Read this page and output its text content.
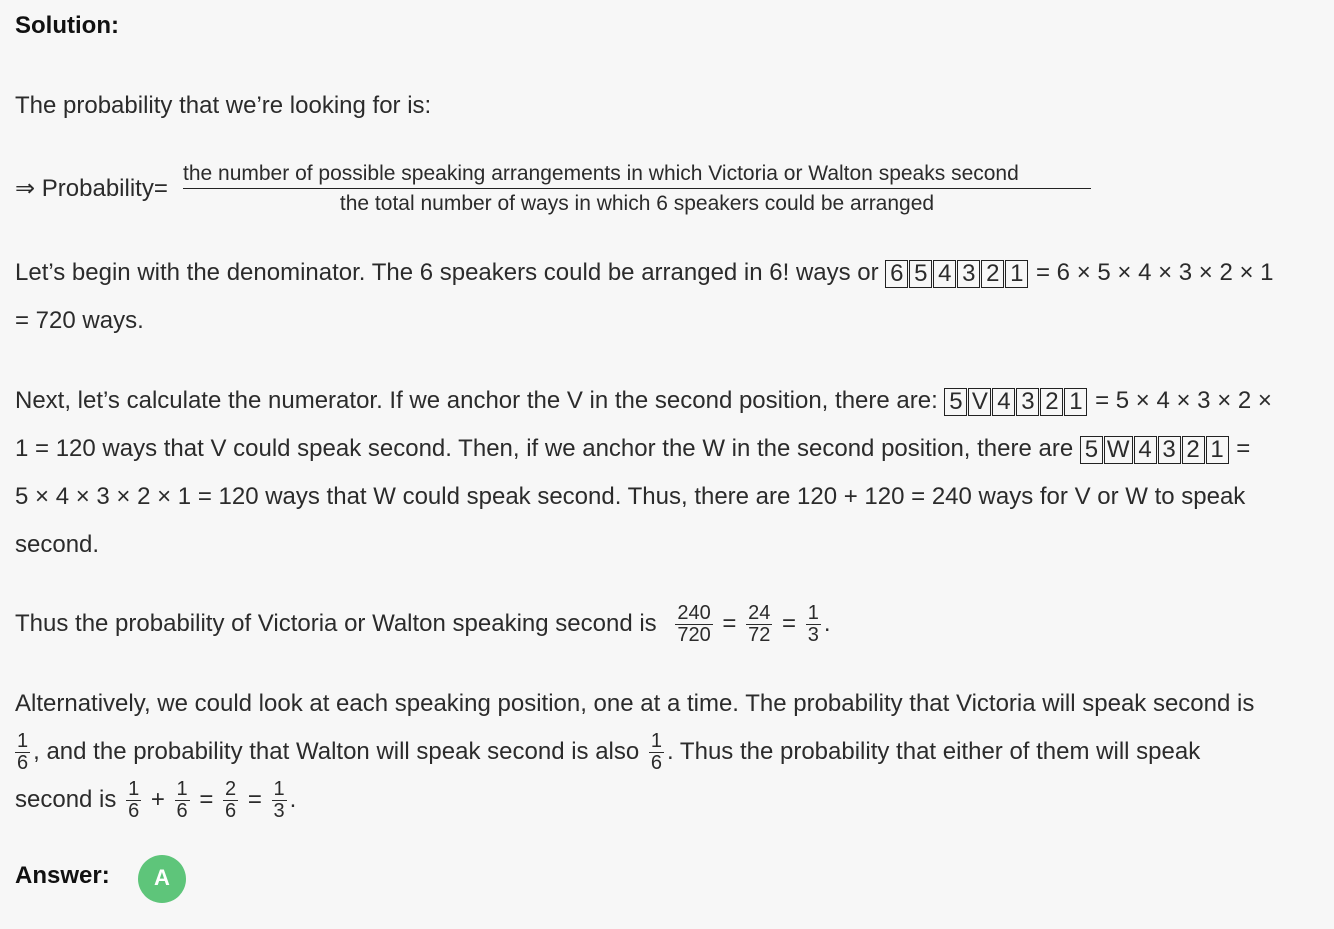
Solution:
The probability that we’re looking for is:
⇒ Probability=
the number of possible speaking arrangements in which Victoria or Walton speaks second
the total number of ways in which 6 speakers could be arranged
Let’s begin with the denominator. The 6 speakers could be arranged in 6! ways or 6 5 4 3 2 1 = 6 × 5 × 4 × 3 × 2 × 1
= 720 ways.
Next, let’s calculate the numerator. If we anchor the V in the second position, there are: 5 V 4 3 2 1 = 5 × 4 × 3 × 2 ×
1 = 120 ways that V could speak second. Then, if we anchor the W in the second position, there are 5 W 4 3 2 1 =
5 × 4 × 3 × 2 × 1 = 120 ways that W could speak second. Thus, there are 120 + 120 = 240 ways for V or W to speak
second.
Thus the probability of Victoria or Walton speaking second is $\frac{240}{720} = \frac{24}{72} = \frac{1}{3}$ .
Alternatively, we could look at each speaking position, one at a time. The probability that Victoria will speak second is
$\frac{1}{6}$ , and the probability that Walton will speak second is also $\frac{1}{6}$ . Thus the probability that either of them will speak
second is $\frac{1}{6} + \frac{1}{6} = \frac{2}{6} = \frac{1}{3}$ .
Answer:	A
